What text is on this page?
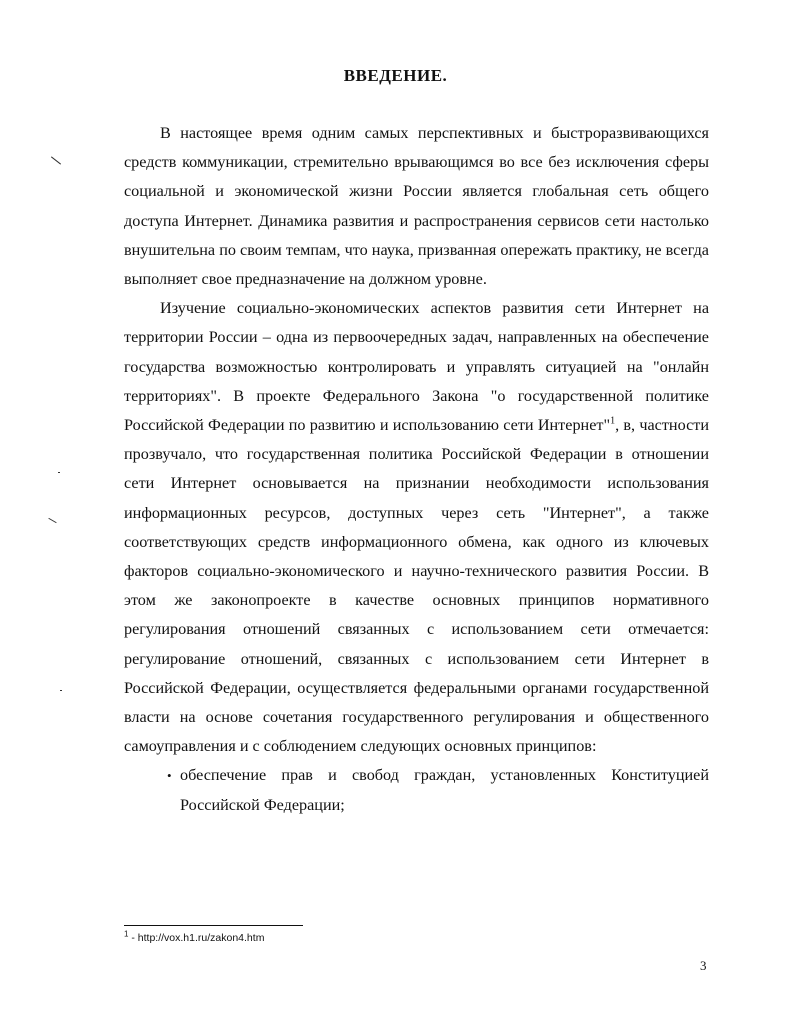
ВВЕДЕНИЕ.

В настоящее время одним самых перспективных и быстроразвивающихся средств коммуникации, стремительно врывающимся во все без исключения сферы социальной и экономической жизни России является глобальная сеть общего доступа Интернет. Динамика развития и распространения сервисов сети настолько внушительна по своим темпам, что наука, призванная опережать практику, не всегда выполняет свое предназначение на должном уровне.

Изучение социально-экономических аспектов развития сети Интернет на территории России – одна из первоочередных задач, направленных на обеспечение государства возможностью контролировать и управлять ситуацией на "онлайн территориях". В проекте Федерального Закона "о государственной политике Российской Федерации по развитию и использованию сети Интернет"$^1$, в, частности прозвучало, что государственная политика Российской Федерации в отношении сети Интернет основывается на признании необходимости использования информационных ресурсов, доступных через сеть "Интернет", а также соответствующих средств информационного обмена, как одного из ключевых факторов социально-экономического и научно-технического развития России. В этом же законопроекте в качестве основных принципов нормативного регулирования отношений связанных с использованием сети отмечается: регулирование отношений, связанных с использованием сети Интернет в Российской Федерации, осуществляется федеральными органами государственной власти на основе сочетания государственного регулирования и общественного самоуправления и с соблюдением следующих основных принципов:

• обеспечение прав и свобод граждан, установленных Конституцией Российской Федерации;
$^1$ - http://vox.h1.ru/zakon4.htm
3
